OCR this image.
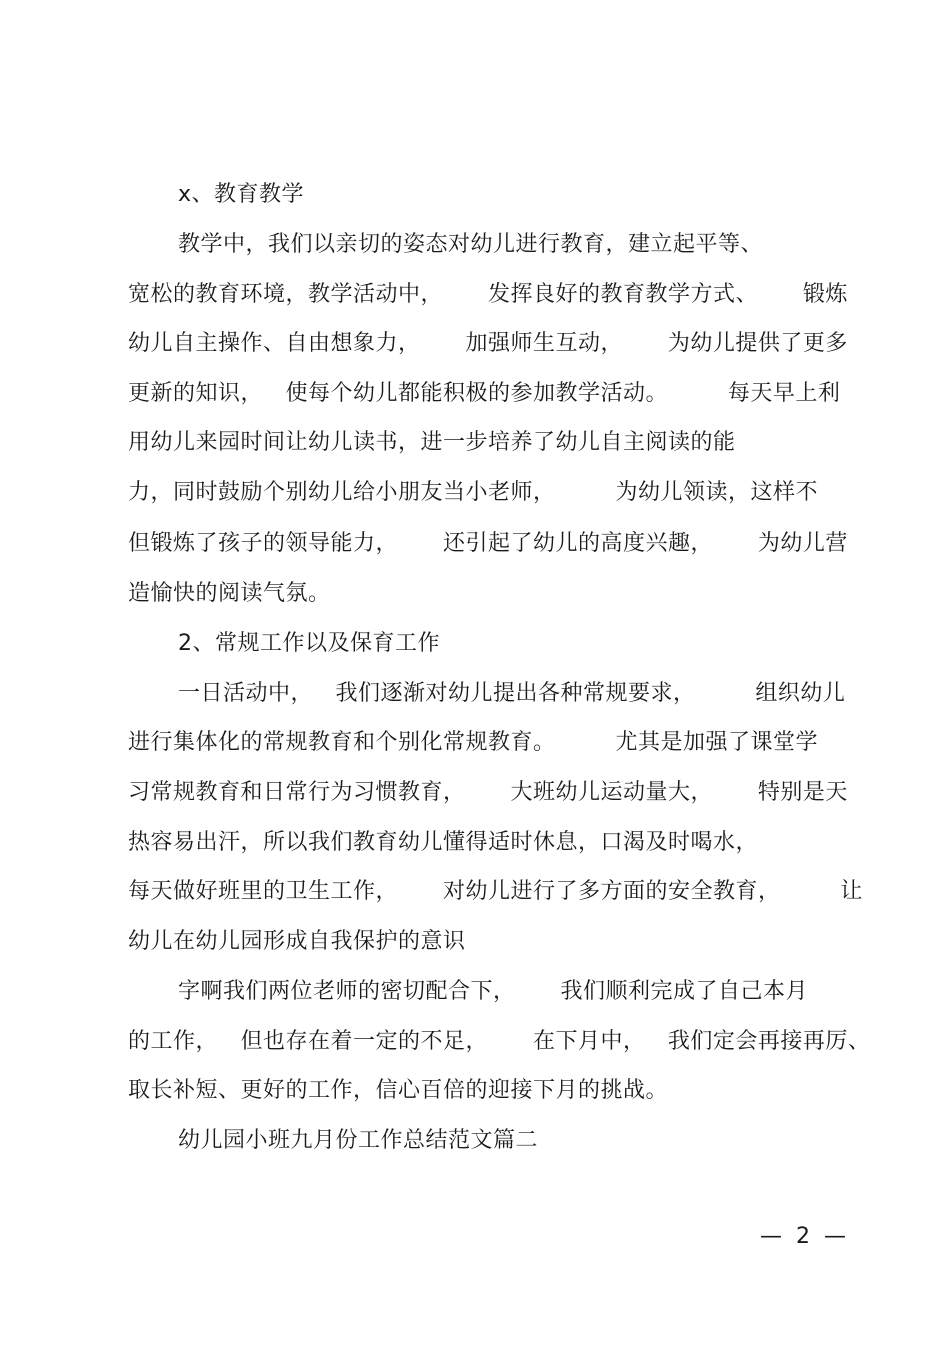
x、教育教学
教学中，我们以亲切的姿态对幼儿进行教育，建立起平等、
宽松的教育环境，教学活动中，      发挥良好的教育教学方式、      锻炼
幼儿自主操作、自由想象力，      加强师生互动，      为幼儿提供了更多
更新的知识，   使每个幼儿都能积极的参加教学活动。        每天早上利
用幼儿来园时间让幼儿读书，进一步培养了幼儿自主阅读的能
力，同时鼓励个别幼儿给小朋友当小老师，        为幼儿领读，这样不
但锻炼了孩子的领导能力，      还引起了幼儿的高度兴趣，      为幼儿营
造愉快的阅读气氛。
2、常规工作以及保育工作
一日活动中，   我们逐渐对幼儿提出各种常规要求，        组织幼儿
进行集体化的常规教育和个别化常规教育。        尤其是加强了课堂学
习常规教育和日常行为习惯教育，      大班幼儿运动量大，      特别是天
热容易出汗，所以我们教育幼儿懂得适时休息，口渴及时喝水，
每天做好班里的卫生工作，      对幼儿进行了多方面的安全教育，        让
幼儿在幼儿园形成自我保护的意识
字啊我们两位老师的密切配合下，      我们顺利完成了自己本月
的工作，   但也存在着一定的不足，      在下月中，   我们定会再接再厉、
取长补短、更好的工作，信心百倍的迎接下月的挑战。
幼儿园小班九月份工作总结范文篇二
—  2  —
